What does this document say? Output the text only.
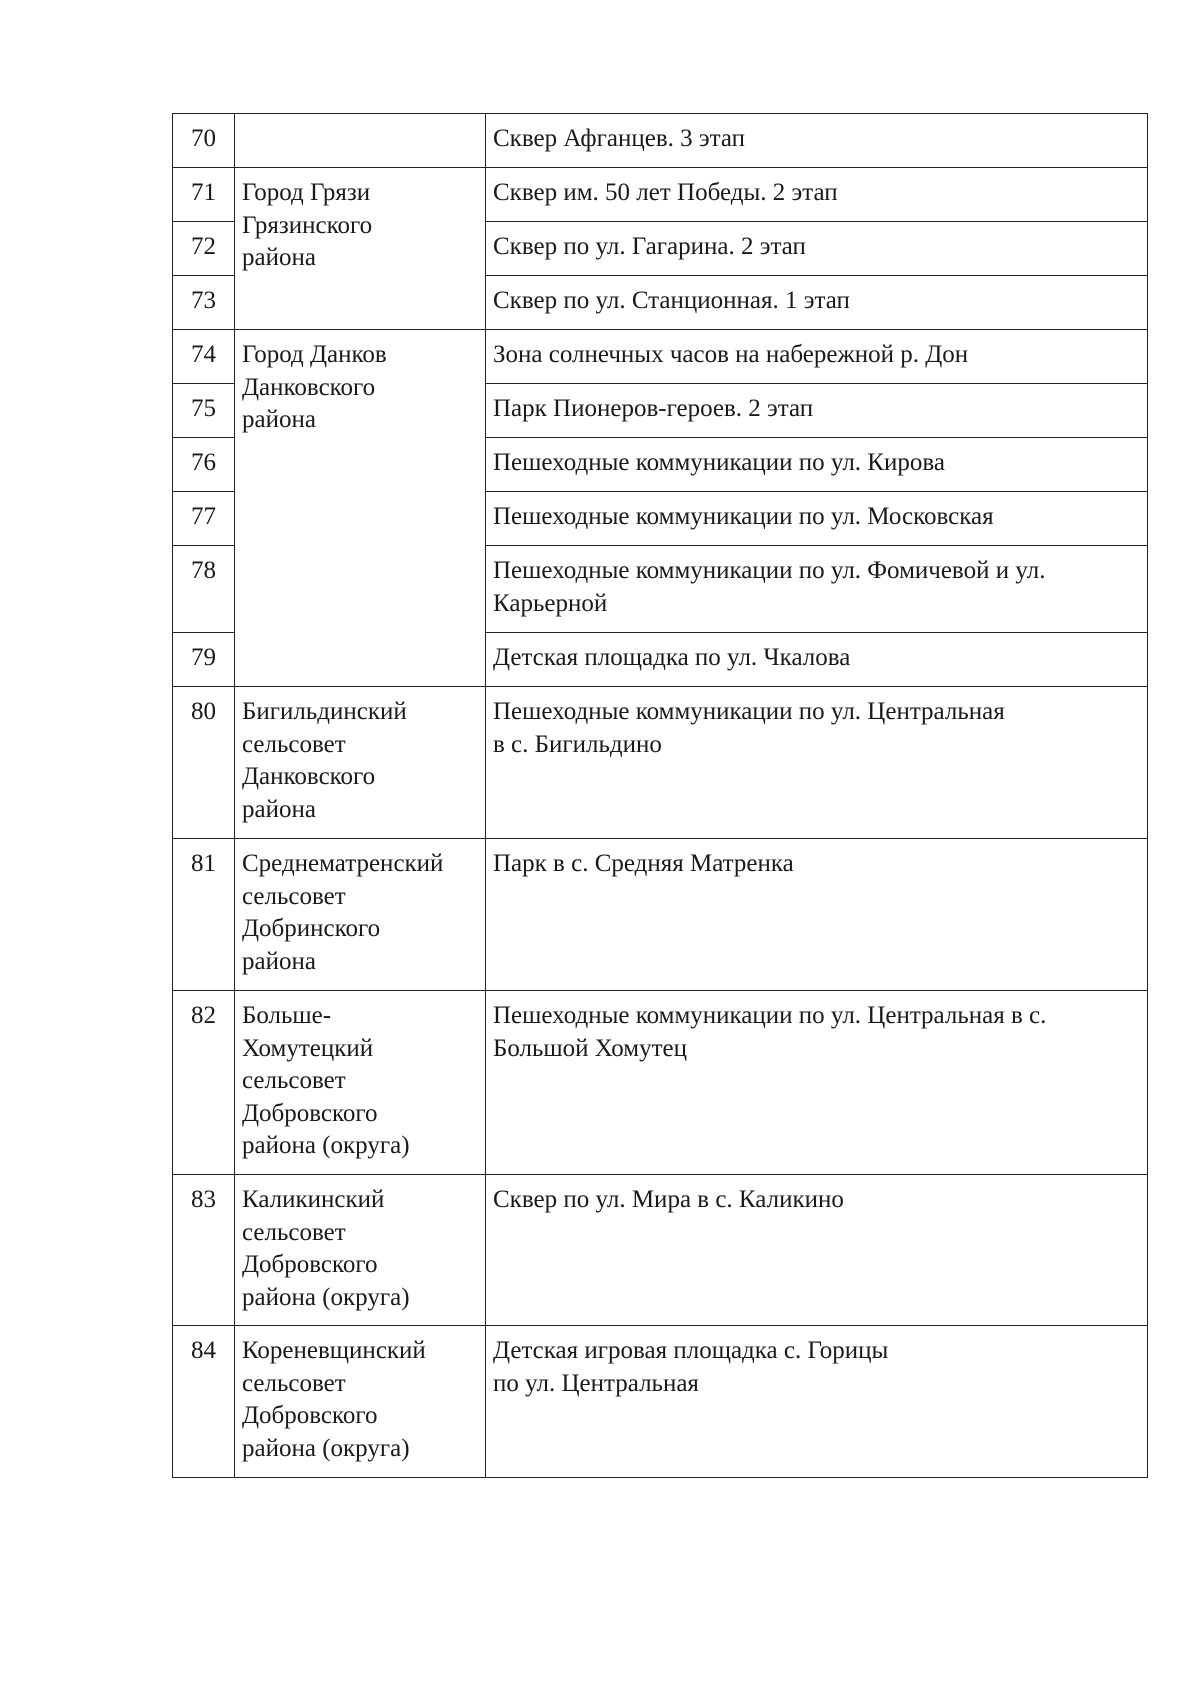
70		Сквер Афганцев. 3 этап
71	Город Грязи
Грязинского
района	Сквер им. 50 лет Победы. 2 этап
72		Сквер по ул. Гагарина. 2 этап
73		Сквер по ул. Станционная. 1 этап
74	Город Данков
Данковского
района	Зона солнечных часов на набережной р. Дон
75		Парк Пионеров-героев. 2 этап
76		Пешеходные коммуникации по ул. Кирова
77		Пешеходные коммуникации по ул. Московская
78		Пешеходные коммуникации по ул. Фомичевой и ул.
Карьерной

79		Детская площадка по ул. Чкалова
80	Бигильдинский
сельсовет
Данковского
района	Пешеходные коммуникации по ул. Центральная
в с. Бигильдино

81	Среднематренский
сельсовет
Добринского
района	Парк в с. Средняя Матренка
82	Больше-
Хомутецкий
сельсовет
Добровского
района (округа)	Пешеходные коммуникации по ул. Центральная в с.
Большой Хомутец

83	Каликинский
сельсовет
Добровского
района (округа)	Сквер по ул. Мира в с. Каликино
84	Кореневщинский
сельсовет
Добровского
района (округа)	Детская игровая площадка с. Горицы
по ул. Центральная
